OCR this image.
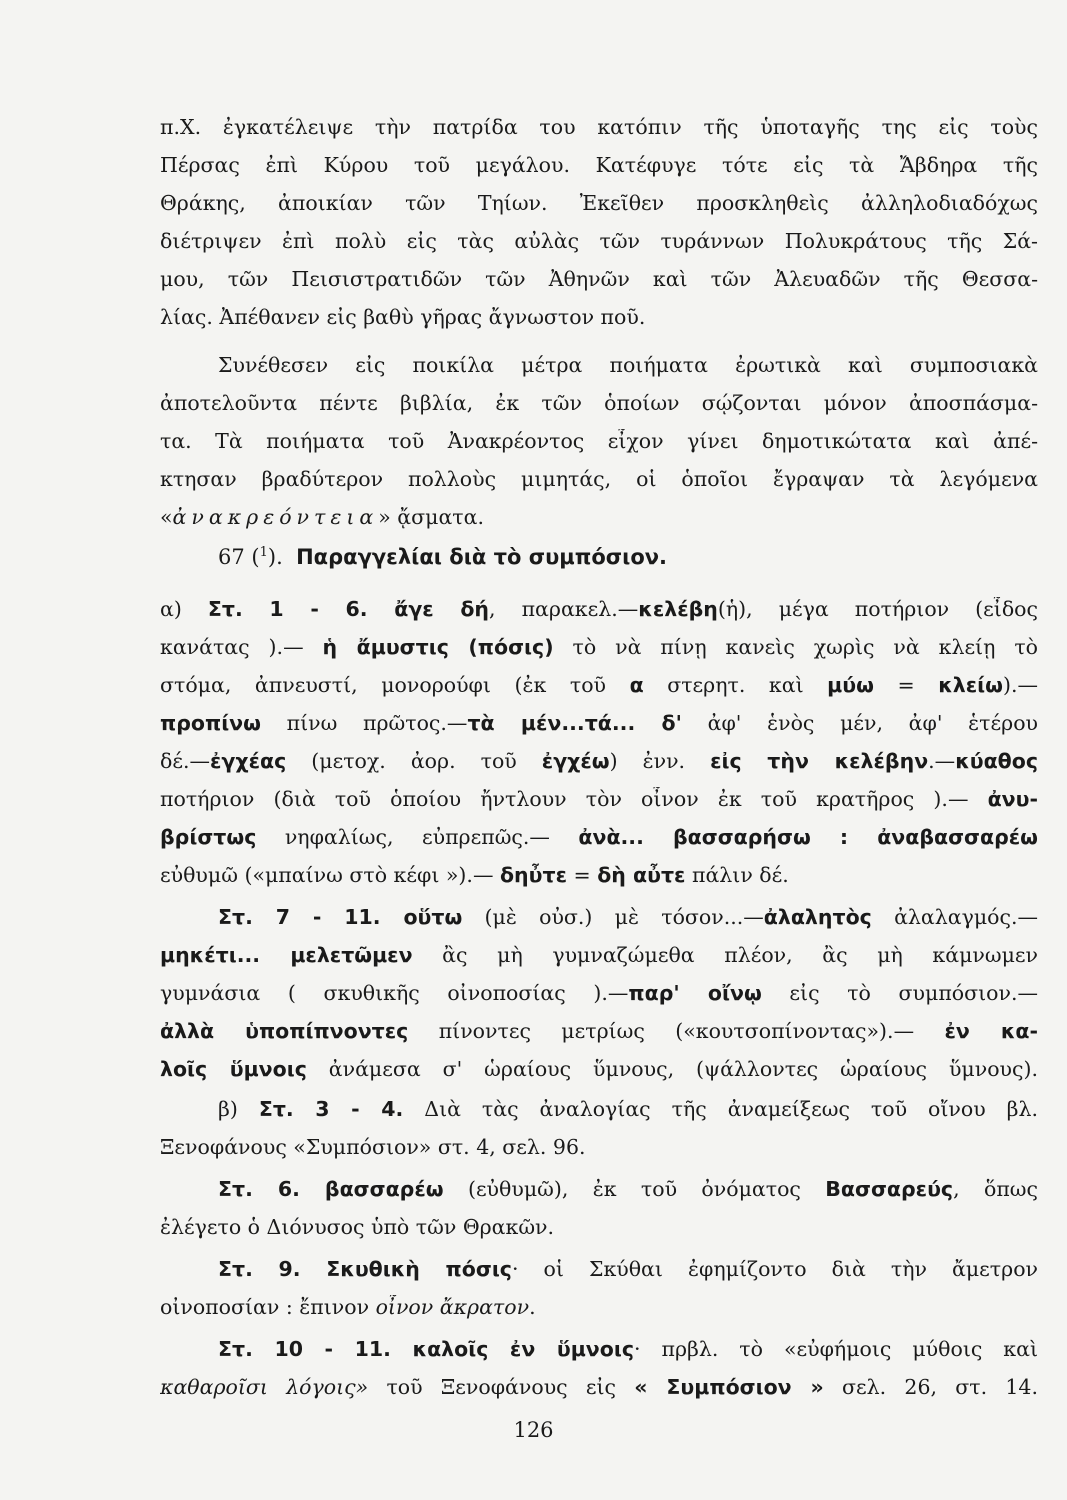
π.Χ. ἐγκατέλειψε τὴν πατρίδα του κατόπιν τῆς ὑποταγῆς της εἰς τοὺς
Πέρσας ἐπὶ Κύρου τοῦ μεγάλου. Κατέφυγε τότε εἰς τὰ Ἄβδηρα τῆς
Θράκης, ἀποικίαν τῶν Τηίων. Ἐκεῖθεν προσκληθεὶς ἀλληλοδιαδόχως
διέτριψεν ἐπὶ πολὺ εἰς τὰς αὐλὰς τῶν τυράννων Πολυκράτους τῆς Σά-
μου, τῶν Πεισιστρατιδῶν τῶν Ἀθηνῶν καὶ τῶν Ἀλευαδῶν τῆς Θεσσα-
λίας. Ἀπέθανεν εἰς βαθὺ γῆρας ἄγνωστον ποῦ.
Συνέθεσεν εἰς ποικίλα μέτρα ποιήματα ἐρωτικὰ καὶ συμποσιακὰ
ἀποτελοῦντα πέντε βιβλία, ἐκ τῶν ὁποίων σῴζονται μόνον ἀποσπάσμα-
τα. Τὰ ποιήματα τοῦ Ἀνακρέοντος εἶχον γίνει δημοτικώτατα καὶ ἀπέ-
κτησαν βραδύτερον πολλοὺς μιμητάς, οἱ ὁποῖοι ἔγραψαν τὰ λεγόμενα
«ἀνακρεόντεια» ᾄσματα.
67 ($^1$). Παραγγελίαι διὰ τὸ συμπόσιον.
α) Στ. 1 - 6. ἄγε δή, παρακελ.—κελέβη(ἡ), μέγα ποτήριον (εἶδος
κανάτας ).— ἡ ἄμυστις (πόσις) τὸ νὰ πίνῃ κανεὶς χωρὶς νὰ κλείῃ τὸ
στόμα, ἀπνευστί, μονορούφι (ἐκ τοῦ α στερητ. καὶ μύω = κλείω).—
προπίνω πίνω πρῶτος.—τὰ μέν...τά... δ' ἀφ' ἑνὸς μέν, ἀφ' ἑτέρου
δέ.—ἐγχέας (μετοχ. ἀορ. τοῦ ἐγχέω) ἐνν. εἰς τὴν κελέβην.—κύαθος
ποτήριον (διὰ τοῦ ὁποίου ἤντλουν τὸν οἶνον ἐκ τοῦ κρατῆρος ).— ἀνυ-
βρίστως νηφαλίως, εὐπρεπῶς.— ἀνὰ... βασσαρήσω : ἀναβασσαρέω
εὐθυμῶ («μπαίνω στὸ κέφι »).— δηὖτε = δὴ αὖτε πάλιν δέ.
Στ. 7 - 11. οὕτω (μὲ οὐσ.) μὲ τόσον...—ἀλαλητὸς ἀλαλαγμός.—
μηκέτι... μελετῶμεν ἂς μὴ γυμναζώμεθα πλέον, ἂς μὴ κάμνωμεν
γυμνάσια ( σκυθικῆς οἰνοποσίας ).—παρ' οἴνῳ εἰς τὸ συμπόσιον.—
ἀλλὰ ὑποπίπνοντες πίνοντες μετρίως («κουτσοπίνοντας»).— ἐν κα-
λοῖς ὕμνοις ἀνάμεσα σ' ὡραίους ὕμνους, (ψάλλοντες ὡραίους ὕμνους).
β) Στ. 3 - 4. Διὰ τὰς ἀναλογίας τῆς ἀναμείξεως τοῦ οἴνου βλ.
Ξενοφάνους «Συμπόσιον» στ. 4, σελ. 96.
Στ. 6. βασσαρέω (εὐθυμῶ), ἐκ τοῦ ὀνόματος Βασσαρεύς, ὅπως
ἐλέγετο ὁ Διόνυσος ὑπὸ τῶν Θρακῶν.
Στ. 9. Σκυθικὴ πόσις· οἱ Σκύθαι ἐφημίζοντο διὰ τὴν ἄμετρον
οἰνοποσίαν : ἔπινον οἶνον ἄκρατον.
Στ. 10 - 11. καλοῖς ἐν ὕμνοις· πρβλ. τὸ «εὐφήμοις μύθοις καὶ
καθαροῖσι λόγοις» τοῦ Ξενοφάνους εἰς « Συμπόσιον » σελ. 26, στ. 14.
126
